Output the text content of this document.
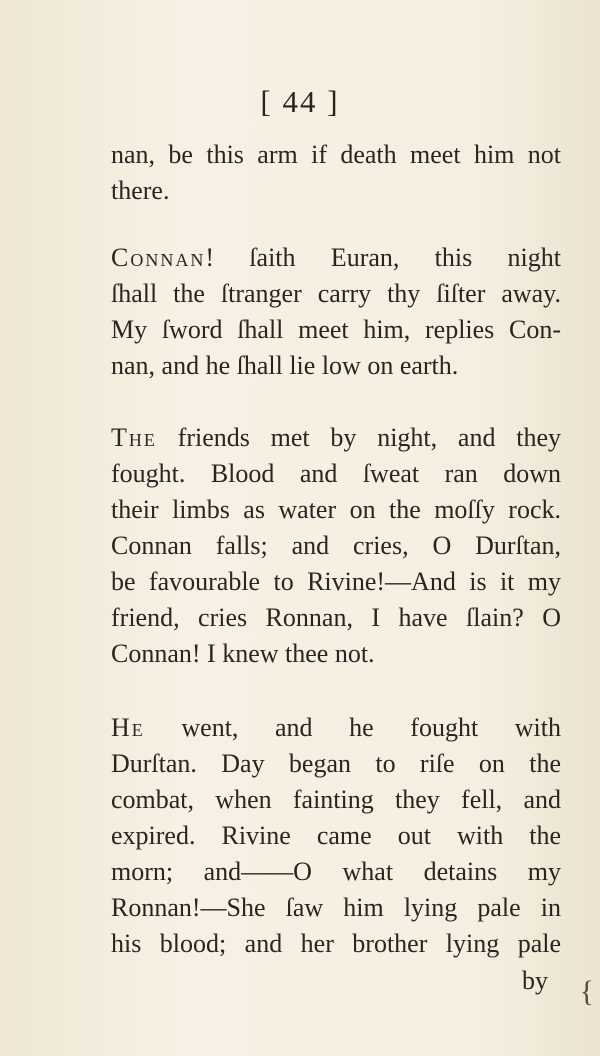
[ 44 ]
nan, be this arm if death meet him not
there.
Connan! ſaith Euran, this night
ſhall the ſtranger carry thy ſiſter away.
My ſword ſhall meet him, replies Con-
nan, and he ſhall lie low on earth.
The friends met by night, and they
fought. Blood and ſweat ran down
their limbs as water on the moſſy rock.
Connan falls; and cries, O Durſtan,
be favourable to Rivine!—And is it my
friend, cries Ronnan, I have ſlain? O
Connan! I knew thee not.
He went, and he fought with
Durſtan. Day began to riſe on the
combat, when fainting they fell, and
expired. Rivine came out with the
morn; and——O what detains my
Ronnan!—She ſaw him lying pale in
his blood; and her brother lying pale
by {
